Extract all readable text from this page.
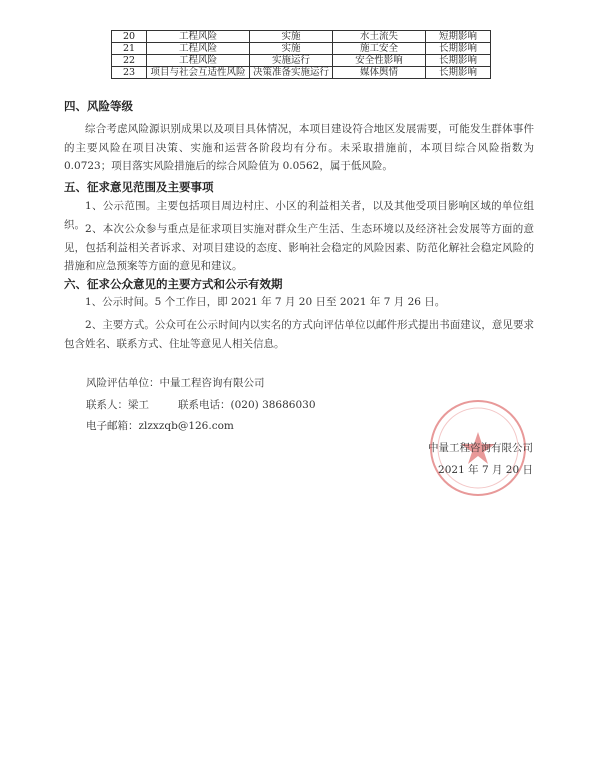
20	工程风险	实施	水土流失	短期影响
21	工程风险	实施	施工安全	长期影响
22	工程风险	实施运行	安全性影响	长期影响
23	项目与社会互适性风险	决策准备实施运行	媒体舆情	长期影响
四、风险等级
综合考虑风险源识别成果以及项目具体情况，本项目建设符合地区发展需要，可能发生群体事件的主要风险在项目决策、实施和运营各阶段均有分布。未采取措施前，本项目综合风险指数为 0.0723；项目落实风险措施后的综合风险值为 0.0562，属于低风险。
五、征求意见范围及主要事项
1、公示范围。主要包括项目周边村庄、小区的利益相关者，以及其他受项目影响区域的单位组织。 2、本次公众参与重点是征求项目实施对群众生产生活、生态环境以及经济社会发展等方面的意见，包括利益相关者诉求、对项目建设的态度、影响社会稳定的风险因素、防范化解社会稳定风险的措施和应急预案等方面的意见和建议。
六、征求公众意见的主要方式和公示有效期
1、公示时间。5 个工作日，即 2021 年 7 月 20 日至 2021 年 7 月 26 日。
2、主要方式。公众可在公示时间内以实名的方式向评估单位以邮件形式提出书面建议，意见要求包含姓名、联系方式、住址等意见人相关信息。
风险评估单位：中量工程咨询有限公司
联系人：梁工	联系电话：(020) 38686030
电子邮箱：zlzxzqb@126.com
中量工程咨询有限公司
2021 年 7 月 20 日
